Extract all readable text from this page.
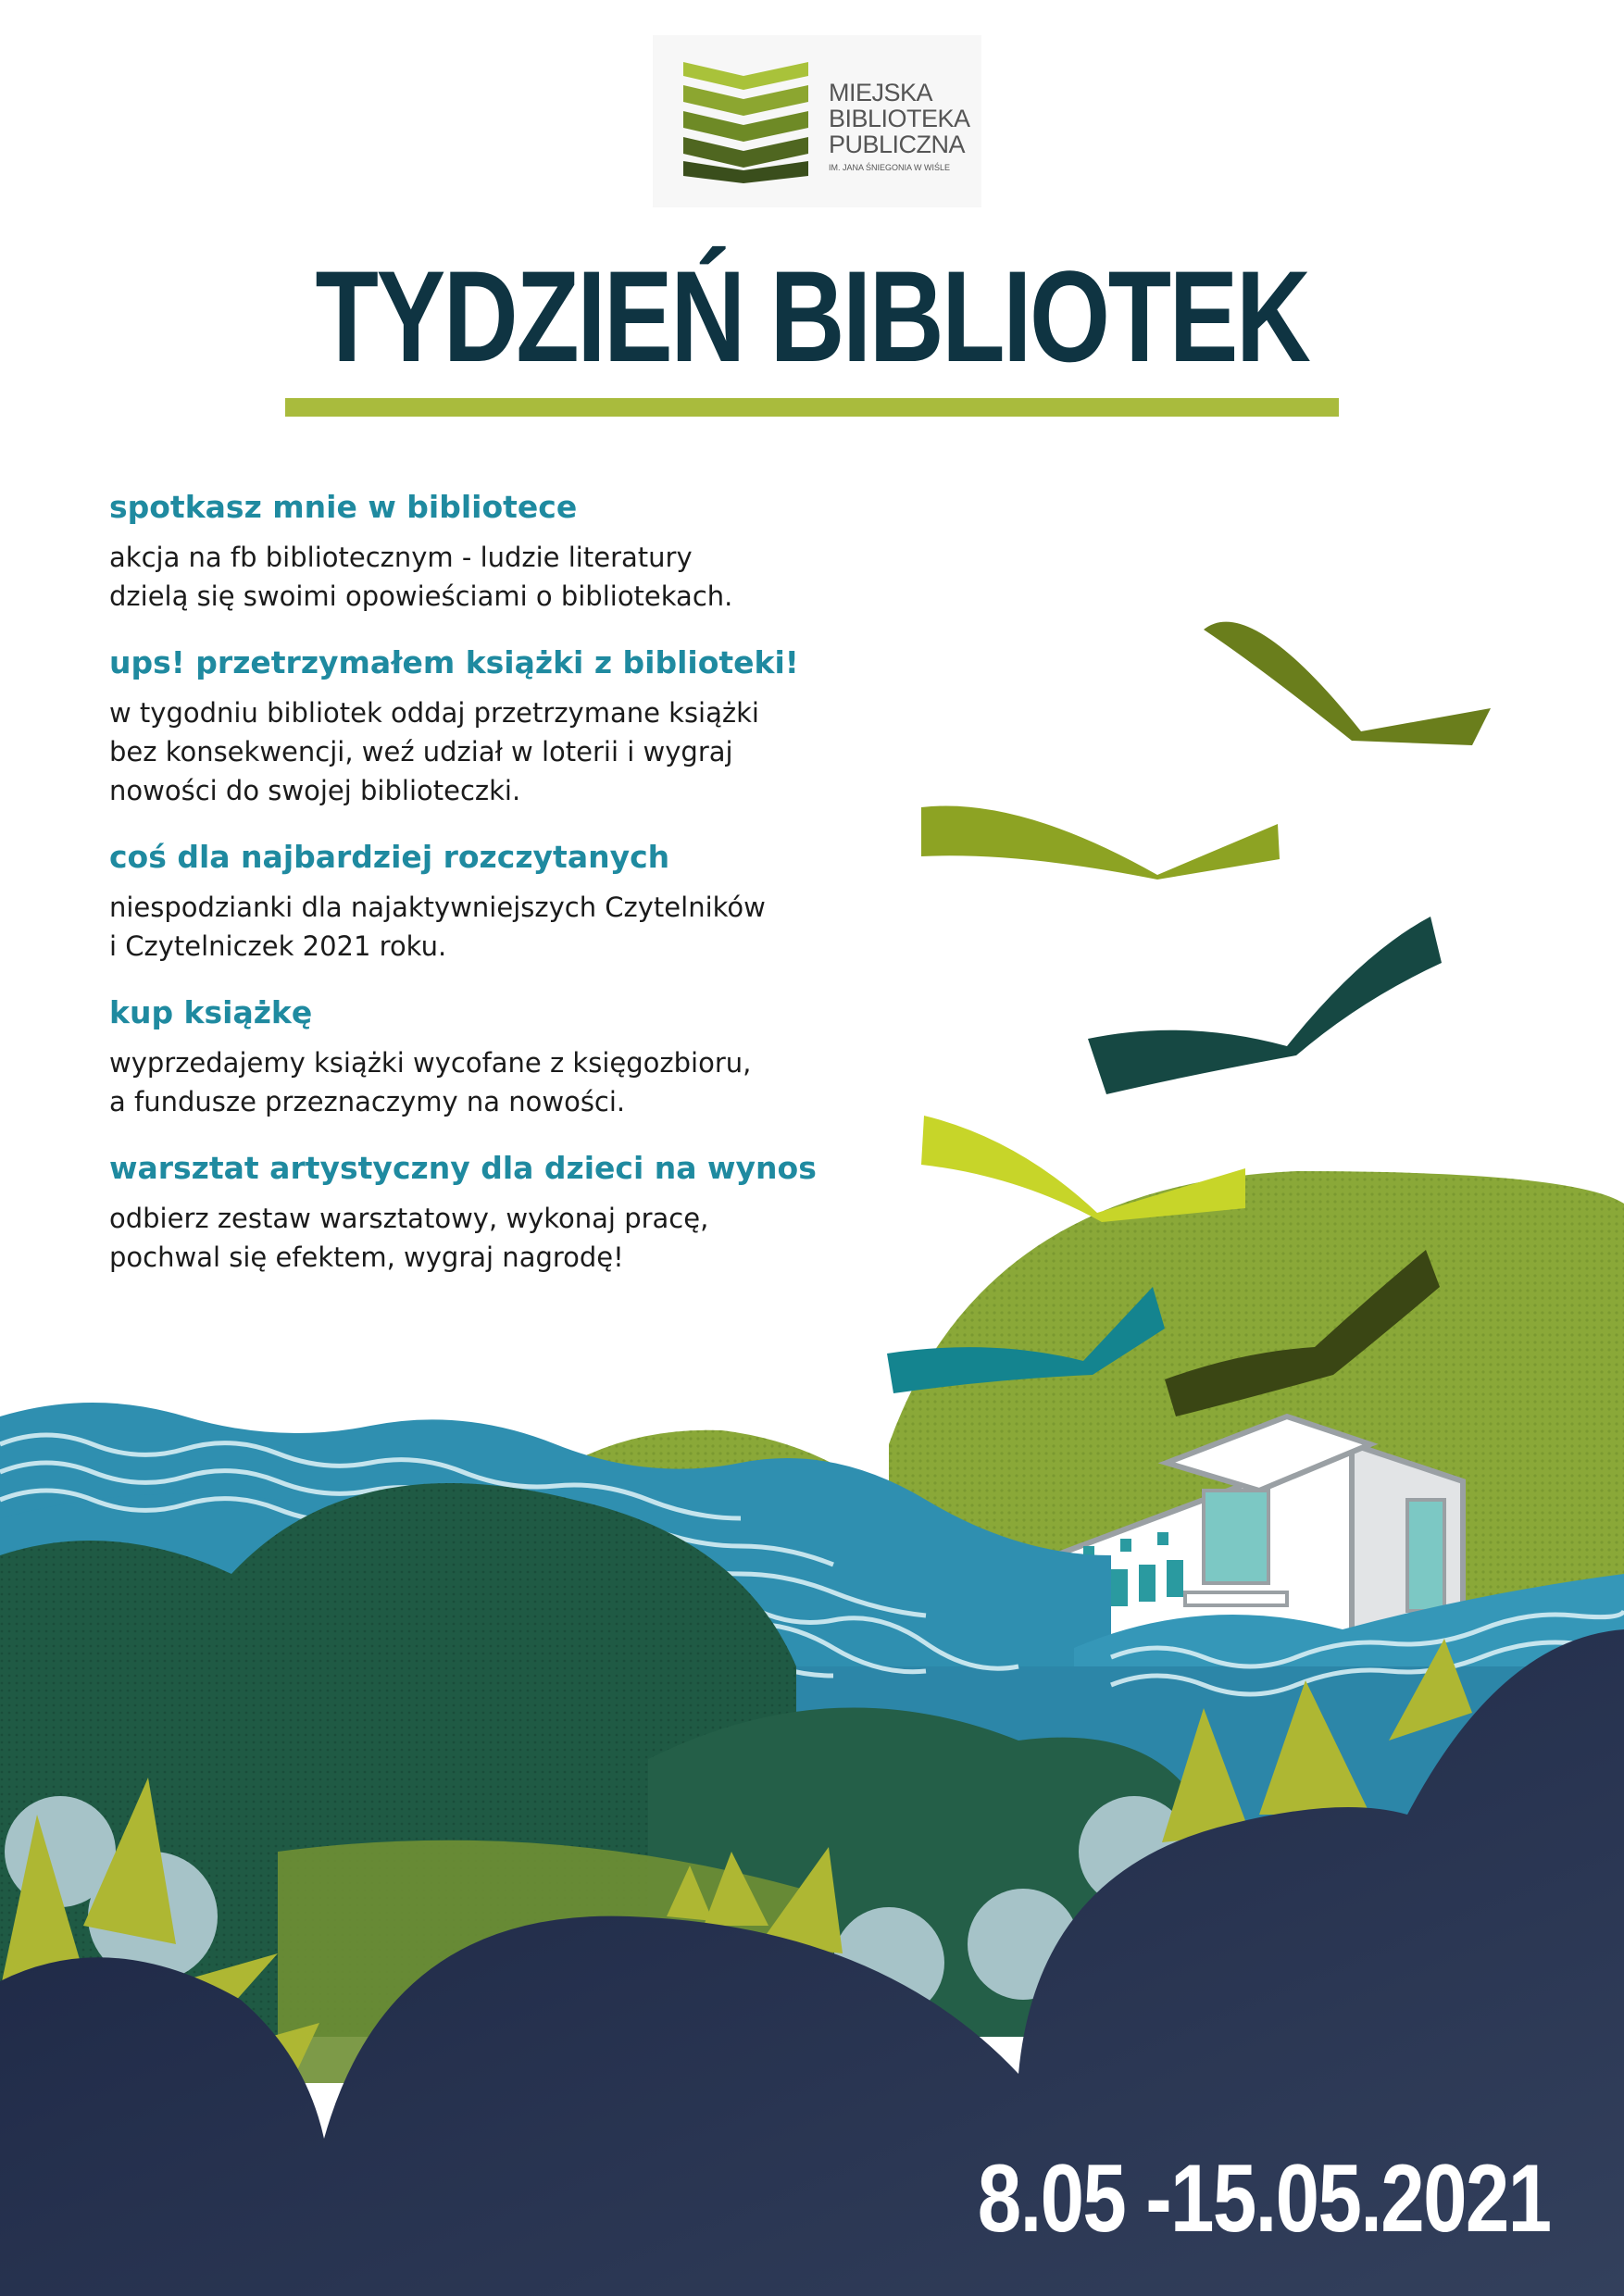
MIEJSKA
BIBLIOTEKA
PUBLICZNA
IM. JANA ŚNIEGONIA W WIŚLE
TYDZIEŃ BIBLIOTEK
spotkasz mnie w bibliotece

akcja na fb bibliotecznym - ludzie literatury
dzielą się swoimi opowieściami o bibliotekach.

ups! przetrzymałem książki z biblioteki!

w tygodniu bibliotek oddaj przetrzymane książki
bez konsekwencji, weź udział w loterii i wygraj
nowości do swojej biblioteczki.

coś dla najbardziej rozczytanych

niespodzianki dla najaktywniejszych Czytelników
i Czytelniczek 2021 roku.

kup książkę

wyprzedajemy książki wycofane z księgozbioru,
a fundusze przeznaczymy na nowości.

warsztat artystyczny dla dzieci na wynos

odbierz zestaw warsztatowy, wykonaj pracę,
pochwal się efektem, wygraj nagrodę!

8.05 -15.05.2021
